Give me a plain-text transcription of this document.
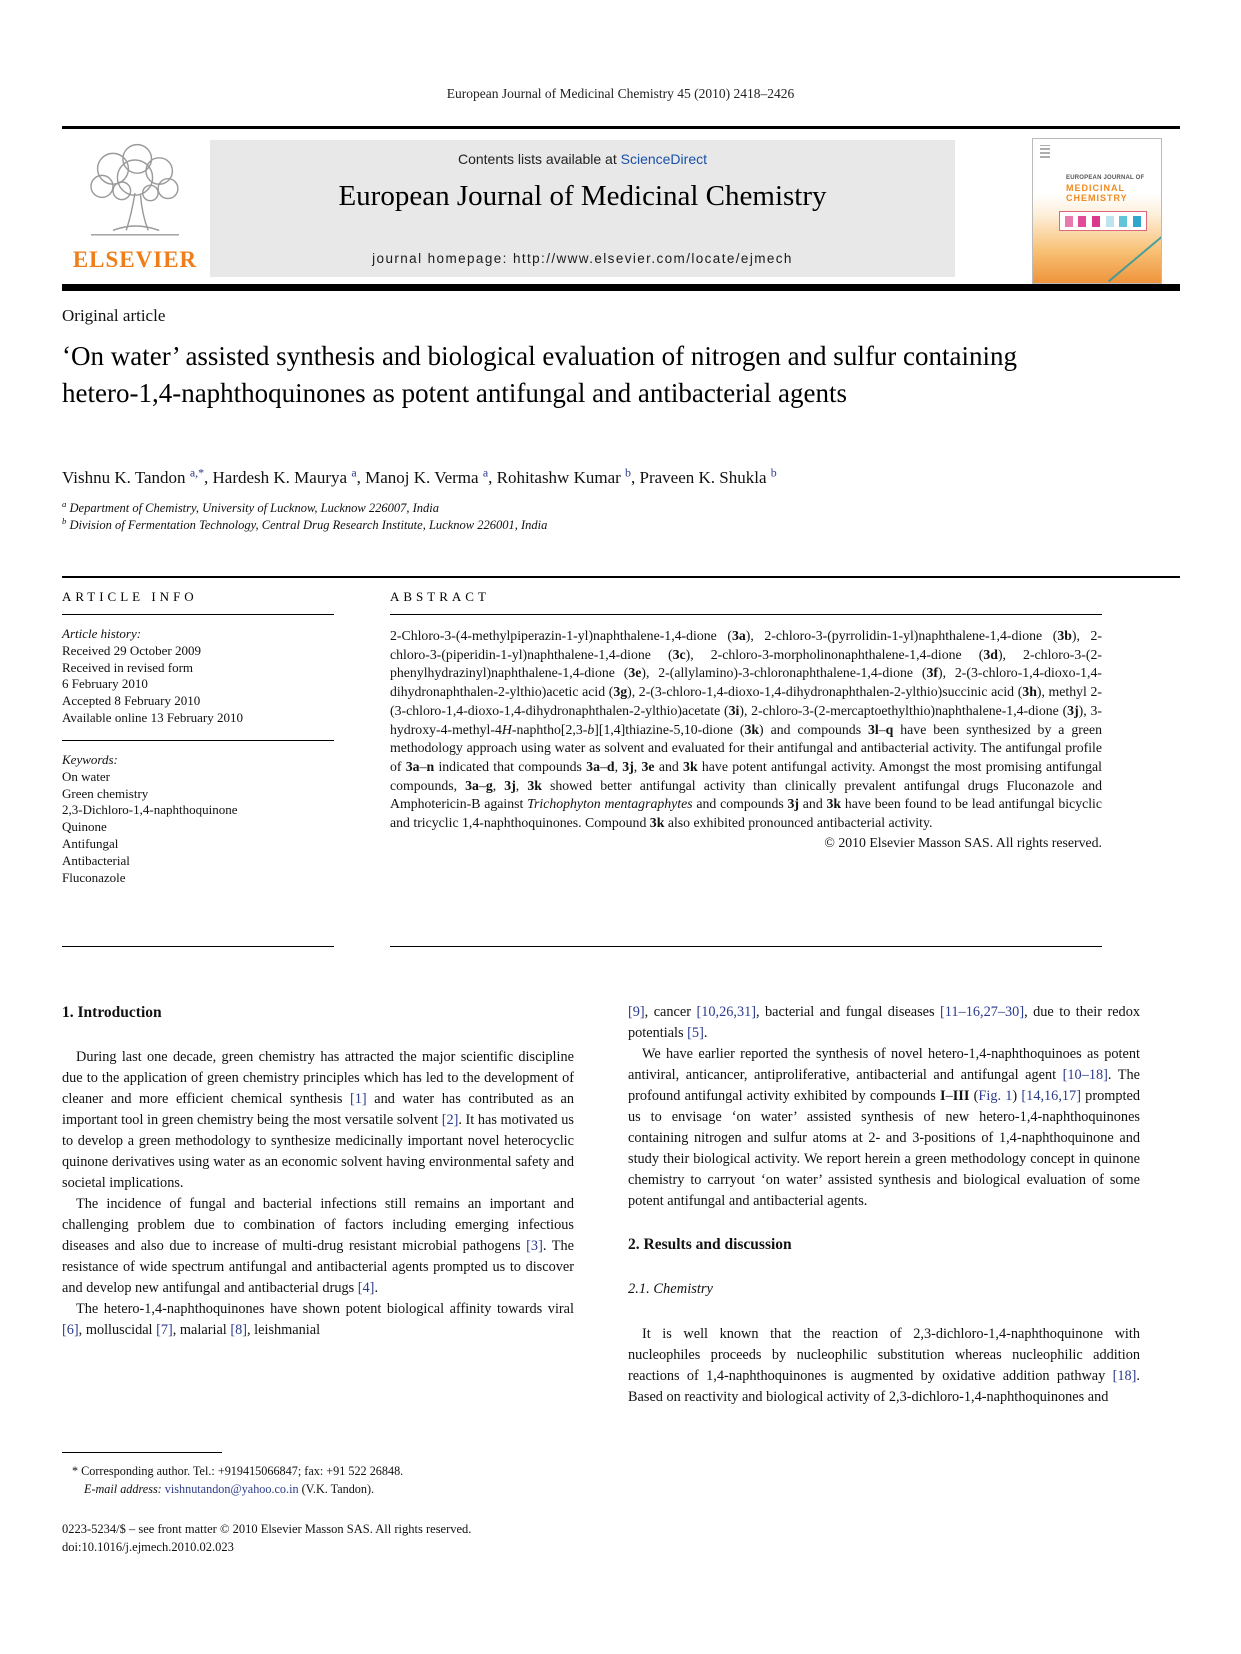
European Journal of Medicinal Chemistry 45 (2010) 2418–2426
ELSEVIER
Contents lists available at ScienceDirect
European Journal of Medicinal Chemistry
journal homepage: http://www.elsevier.com/locate/ejmech
EUROPEAN JOURNAL OF
MEDICINAL
CHEMISTRY
Original article
‘On water’ assisted synthesis and biological evaluation of nitrogen and sulfur containing hetero-1,4-naphthoquinones as potent antifungal and antibacterial agents
Vishnu K. Tandon $^{a,*}$, Hardesh K. Maurya $^a$, Manoj K. Verma $^a$, Rohitashw Kumar $^b$, Praveen K. Shukla $^b$
$^a$ Department of Chemistry, University of Lucknow, Lucknow 226007, India
$^b$ Division of Fermentation Technology, Central Drug Research Institute, Lucknow 226001, India
ARTICLE INFO	ABSTRACT
Article history:
Received 29 October 2009
Received in revised form
6 February 2010
Accepted 8 February 2010
Available online 13 February 2010
Keywords:
On water
Green chemistry
2,3-Dichloro-1,4-naphthoquinone
Quinone
Antifungal
Antibacterial
Fluconazole
2-Chloro-3-(4-methylpiperazin-1-yl)naphthalene-1,4-dione (3a), 2-chloro-3-(pyrrolidin-1-yl)naphthalene-1,4-dione (3b), 2-chloro-3-(piperidin-1-yl)naphthalene-1,4-dione (3c), 2-chloro-3-morpholinonaphthalene-1,4-dione (3d), 2-chloro-3-(2-phenylhydrazinyl)naphthalene-1,4-dione (3e), 2-(allylamino)-3-chloronaphthalene-1,4-dione (3f), 2-(3-chloro-1,4-dioxo-1,4-dihydronaphthalen-2-ylthio)acetic acid (3g), 2-(3-chloro-1,4-dioxo-1,4-dihydronaphthalen-2-ylthio)succinic acid (3h), methyl 2-(3-chloro-1,4-dioxo-1,4-dihydronaphthalen-2-ylthio)acetate (3i), 2-chloro-3-(2-mercaptoethylthio)naphthalene-1,4-dione (3j), 3-hydroxy-4-methyl-4H-naphtho[2,3-b][1,4]thiazine-5,10-dione (3k) and compounds 3l–q have been synthesized by a green methodology approach using water as solvent and evaluated for their antifungal and antibacterial activity. The antifungal profile of 3a–n indicated that compounds 3a–d, 3j, 3e and 3k have potent antifungal activity. Amongst the most promising antifungal compounds, 3a–g, 3j, 3k showed better antifungal activity than clinically prevalent antifungal drugs Fluconazole and Amphotericin-B against Trichophyton mentagraphytes and compounds 3j and 3k have been found to be lead antifungal bicyclic and tricyclic 1,4-naphthoquinones. Compound 3k also exhibited pronounced antibacterial activity.
© 2010 Elsevier Masson SAS. All rights reserved.
1. Introduction

During last one decade, green chemistry has attracted the major scientific discipline due to the application of green chemistry principles which has led to the development of cleaner and more efficient chemical synthesis [1] and water has contributed as an important tool in green chemistry being the most versatile solvent [2]. It has motivated us to develop a green methodology to synthesize medicinally important novel heterocyclic quinone derivatives using water as an economic solvent having environmental safety and societal implications.

The incidence of fungal and bacterial infections still remains an important and challenging problem due to combination of factors including emerging infectious diseases and also due to increase of multi-drug resistant microbial pathogens [3]. The resistance of wide spectrum antifungal and antibacterial agents prompted us to discover and develop new antifungal and antibacterial drugs [4].

The hetero-1,4-naphthoquinones have shown potent biological affinity towards viral [6], molluscidal [7], malarial [8], leishmanial

[9], cancer [10,26,31], bacterial and fungal diseases [11–16,27–30], due to their redox potentials [5].

We have earlier reported the synthesis of novel hetero-1,4-naphthoquinoes as potent antiviral, anticancer, antiproliferative, antibacterial and antifungal agent [10–18]. The profound antifungal activity exhibited by compounds I–III (Fig. 1) [14,16,17] prompted us to envisage ‘on water’ assisted synthesis of new hetero-1,4-naphthoquinones containing nitrogen and sulfur atoms at 2- and 3-positions of 1,4-naphthoquinone and study their biological activity. We report herein a green methodology concept in quinone chemistry to carryout ‘on water’ assisted synthesis and biological evaluation of some potent antifungal and antibacterial agents.

2. Results and discussion
2.1. Chemistry

It is well known that the reaction of 2,3-dichloro-1,4-naphthoquinone with nucleophiles proceeds by nucleophilic substitution whereas nucleophilic addition reactions of 1,4-naphthoquinones is augmented by oxidative addition pathway [18]. Based on reactivity and biological activity of 2,3-dichloro-1,4-naphthoquinones and

* Corresponding author. Tel.: +919415066847; fax: +91 522 26848.
E-mail address: vishnutandon@yahoo.co.in (V.K. Tandon).
0223-5234/$ – see front matter © 2010 Elsevier Masson SAS. All rights reserved.
doi:10.1016/j.ejmech.2010.02.023
